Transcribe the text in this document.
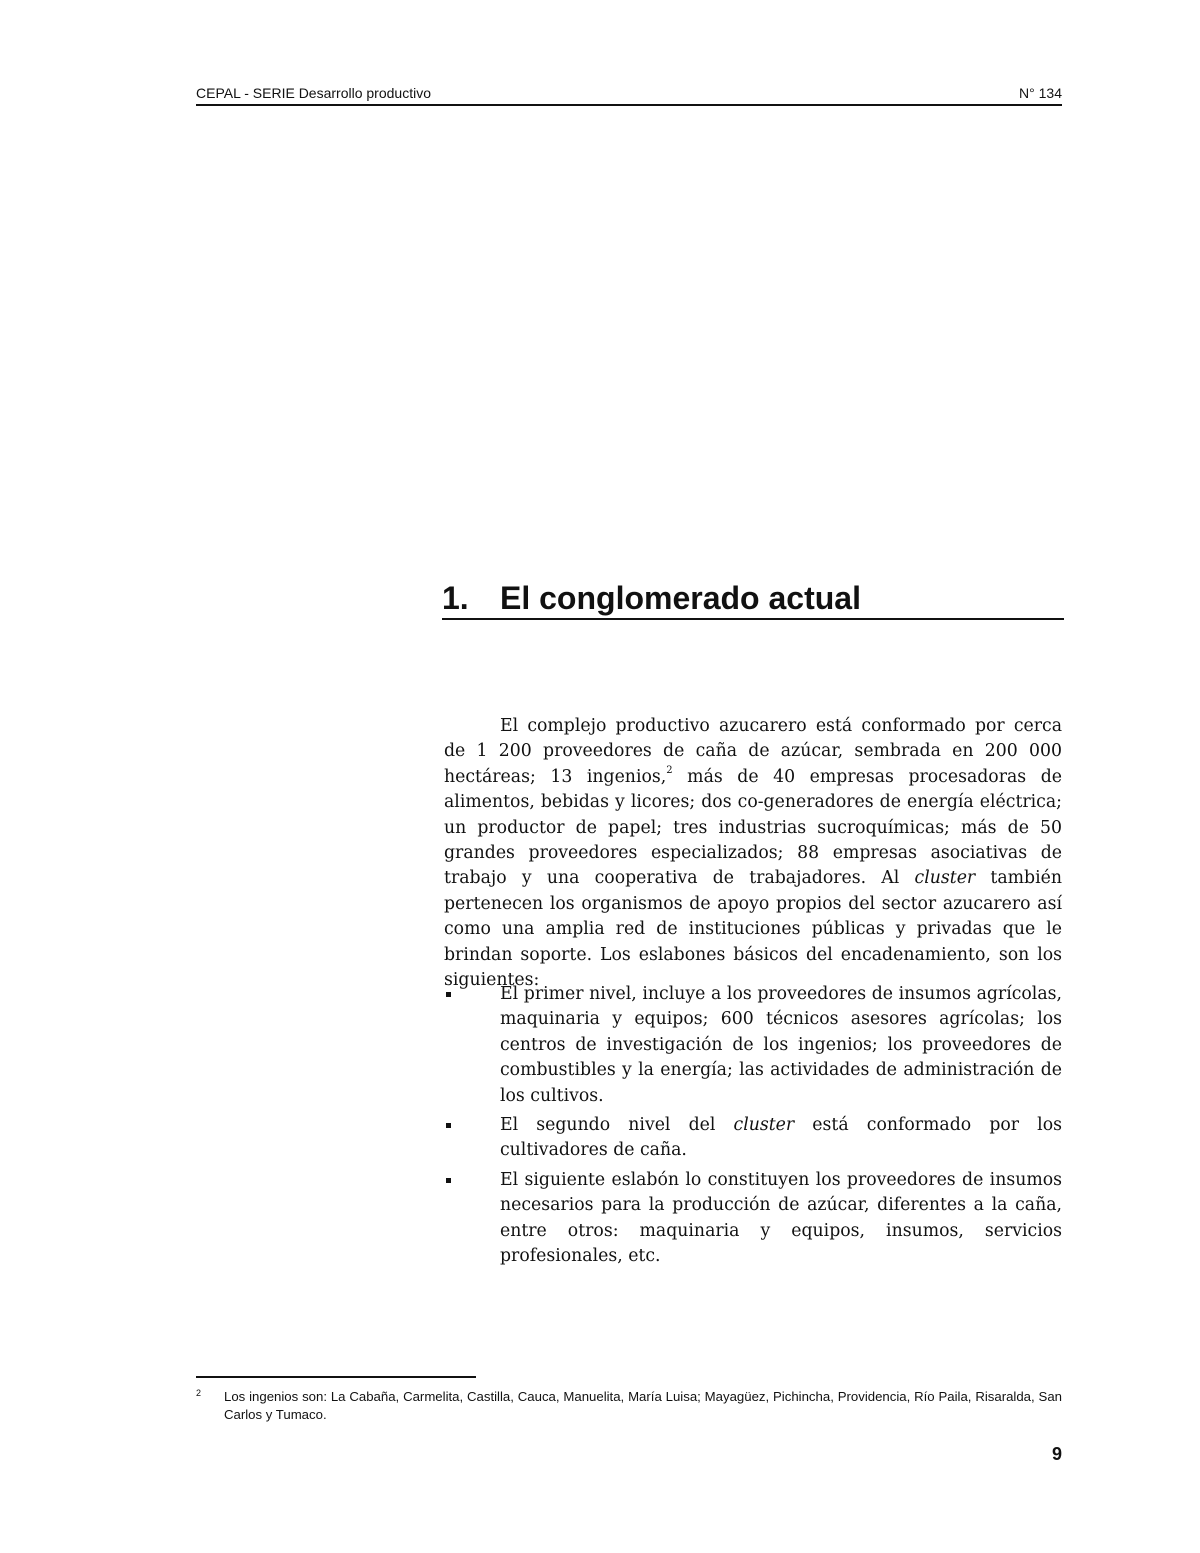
CEPAL - SERIE Desarrollo productivo	N° 134
1. El conglomerado actual

El complejo productivo azucarero está conformado por cerca de 1 200 proveedores de caña de azúcar, sembrada en 200 000 hectáreas; 13 ingenios,$^2$ más de 40 empresas procesadoras de alimentos, bebidas y licores; dos co-generadores de energía eléctrica; un productor de papel; tres industrias sucroquímicas; más de 50 grandes proveedores especializados; 88 empresas asociativas de trabajo y una cooperativa de trabajadores. Al cluster también pertenecen los organismos de apoyo propios del sector azucarero así como una amplia red de instituciones públicas y privadas que le brindan soporte. Los eslabones básicos del encadenamiento, son los siguientes:

El primer nivel, incluye a los proveedores de insumos agrícolas, maquinaria y equipos; 600 técnicos asesores agrícolas; los centros de investigación de los ingenios; los proveedores de combustibles y la energía; las actividades de administración de los cultivos.
El segundo nivel del cluster está conformado por los cultivadores de caña.
El siguiente eslabón lo constituyen los proveedores de insumos necesarios para la producción de azúcar, diferentes a la caña, entre otros: maquinaria y equipos, insumos, servicios profesionales, etc.
2 Los ingenios son: La Cabaña, Carmelita, Castilla, Cauca, Manuelita, María Luisa; Mayagüez, Pichincha, Providencia, Río Paila, Risaralda, San Carlos y Tumaco.
9
